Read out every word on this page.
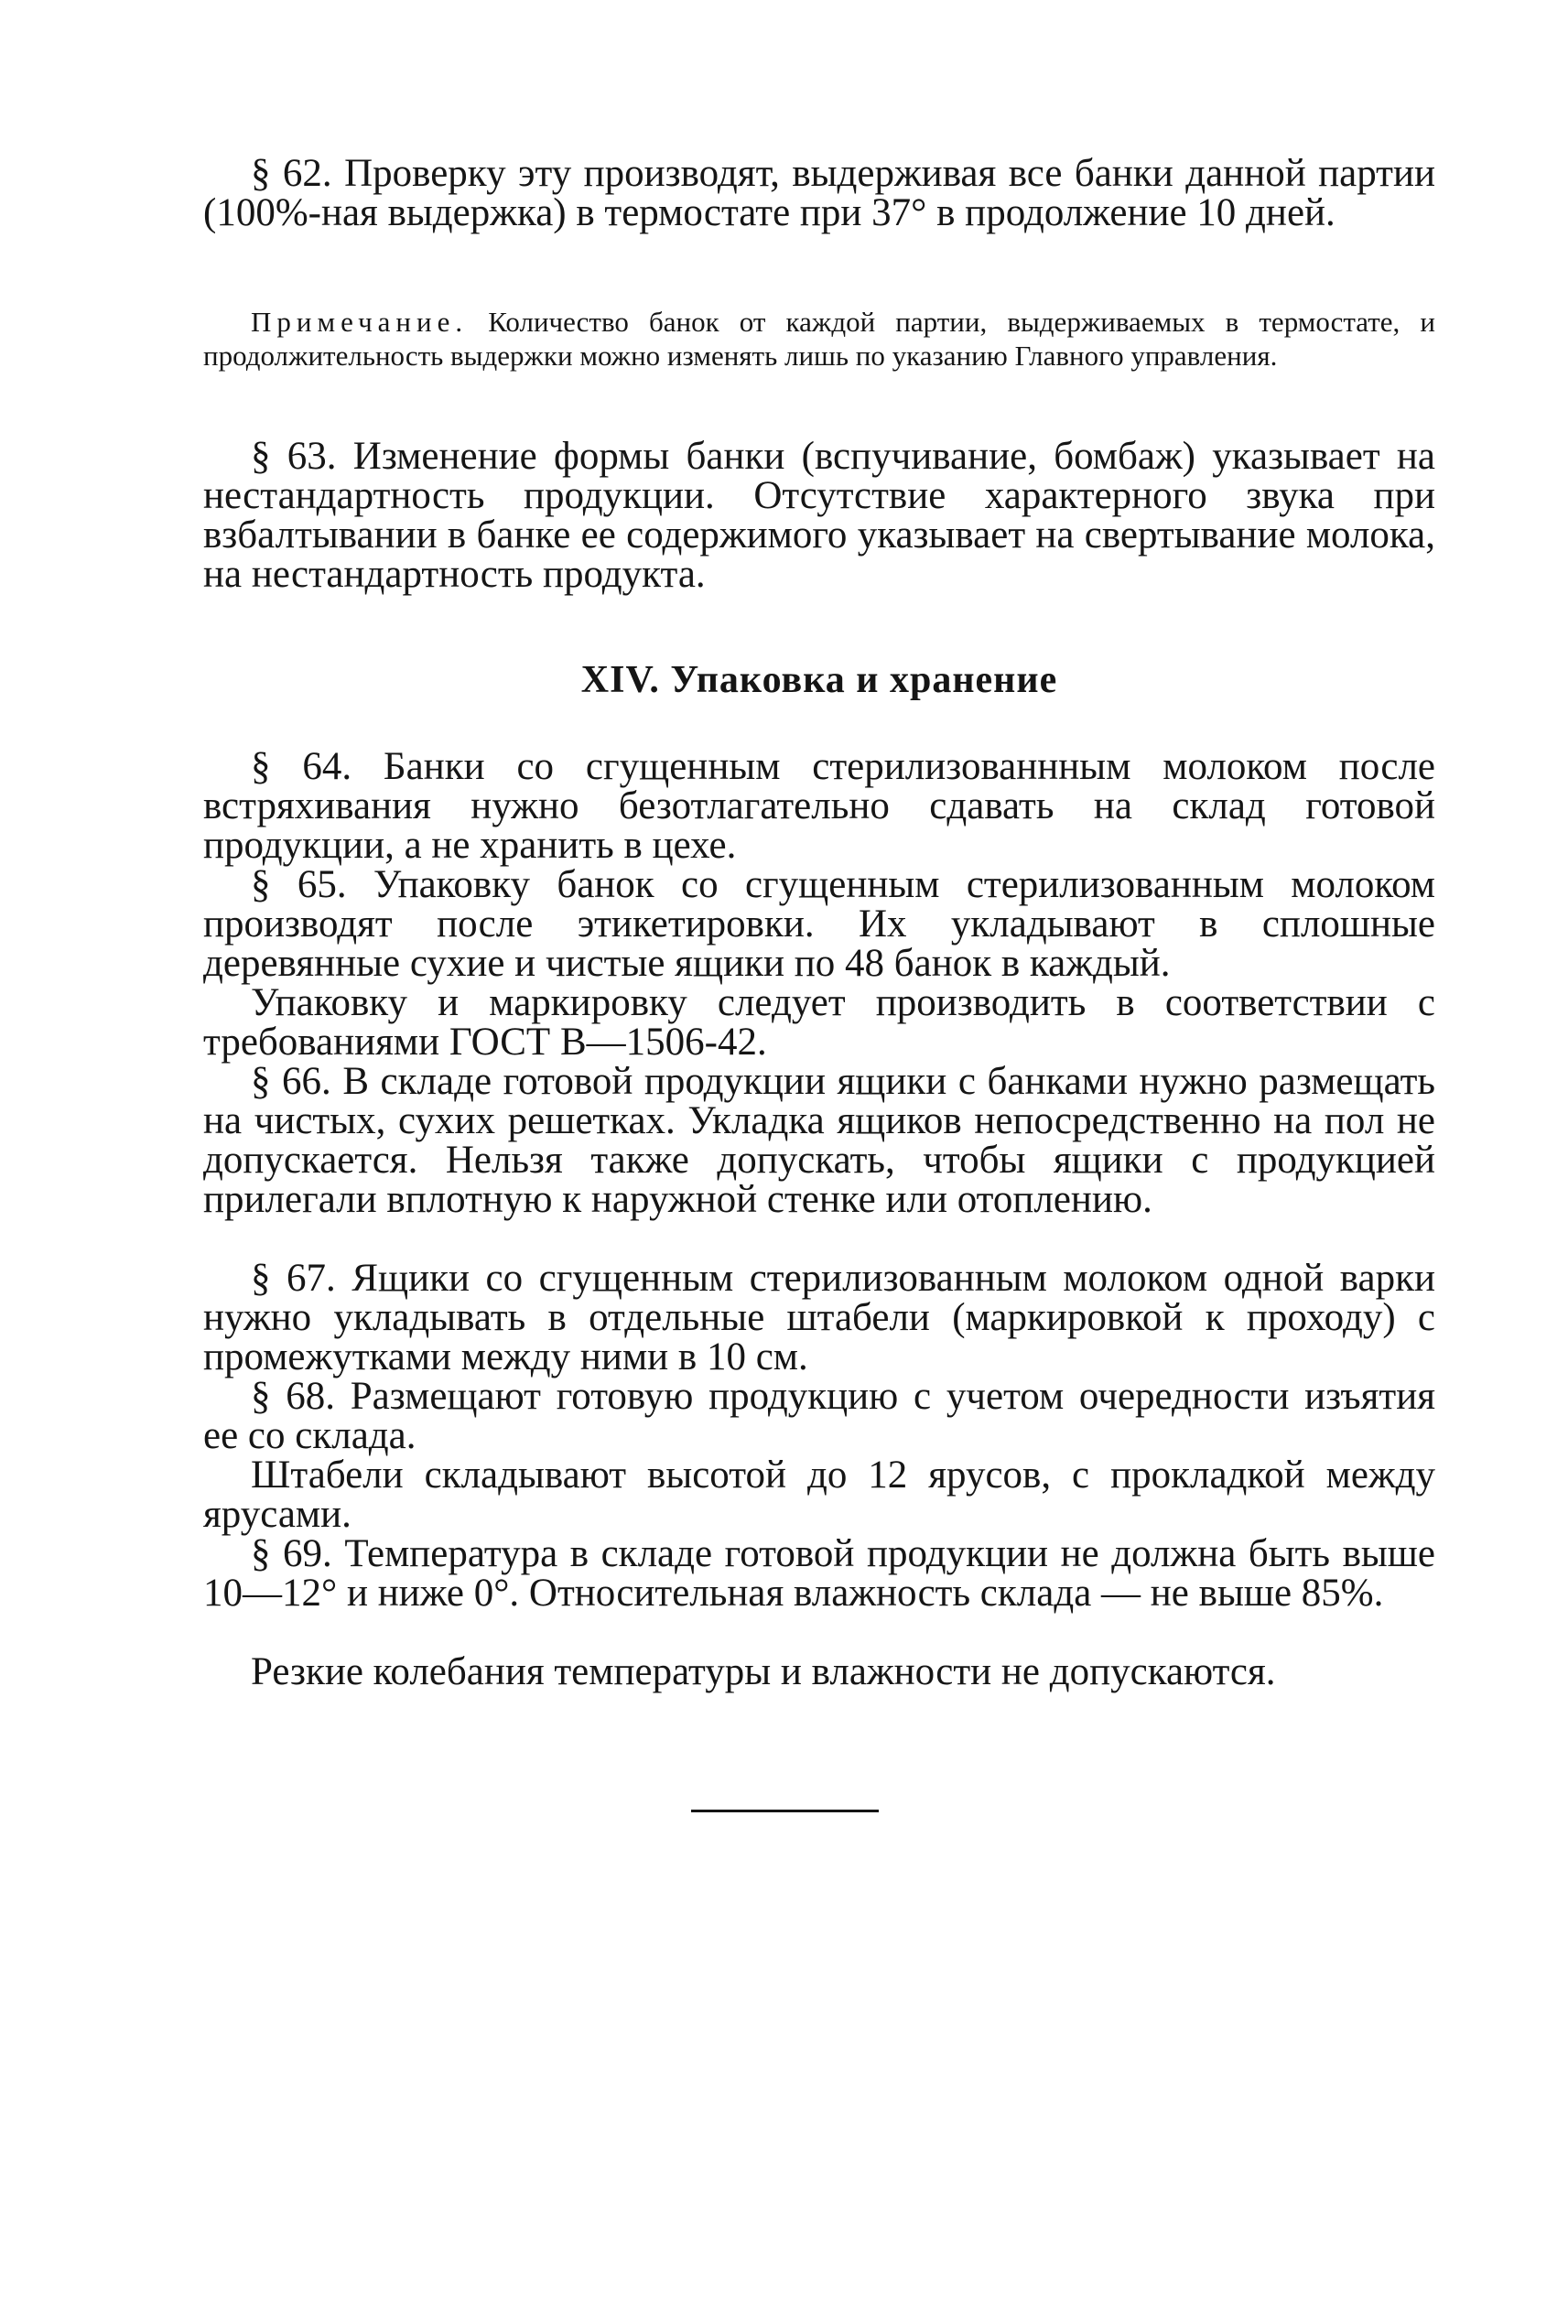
§ 62. Проверку эту производят, выдерживая все банки данной партии (100%-ная выдержка) в термостате при 37° в продолжение 10 дней.

Примечание. Количество банок от каждой партии, выдерживаемых в термостате, и продолжительность выдержки можно изменять лишь по указанию Главного управления.

§ 63. Изменение формы банки (вспучивание, бомбаж) указывает на нестандартность продукции. Отсутствие характерного звука при взбалтывании в банке ее содержимого указывает на свертывание молока, на нестандартность продукта.

XIV. Упаковка и хранение

§ 64. Банки со сгущенным стерилизованнным молоком после встряхивания нужно безотлагательно сдавать на склад готовой продукции, а не хранить в цехе.

§ 65. Упаковку банок со сгущенным стерилизованным молоком производят после этикетировки. Их укладывают в сплошные деревянные сухие и чистые ящики по 48 банок в каждый.

Упаковку и маркировку следует производить в соответствии с требованиями ГОСТ В—1506-42.

§ 66. В складе готовой продукции ящики с банками нужно размещать на чистых, сухих решетках. Укладка ящиков непосредственно на пол не допускается. Нельзя также допускать, чтобы ящики с продукцией прилегали вплотную к наружной стенке или отоплению.

§ 67. Ящики со сгущенным стерилизованным молоком одной варки нужно укладывать в отдельные штабели (маркировкой к проходу) с промежутками между ними в 10 см.

§ 68. Размещают готовую продукцию с учетом очередности изъятия ее со склада.

Штабели складывают высотой до 12 ярусов, с прокладкой между ярусами.

§ 69. Температура в складе готовой продукции не должна быть выше 10—12° и ниже 0°. Относительная влажность склада — не выше 85%.

Резкие колебания температуры и влажности не допускаются.
